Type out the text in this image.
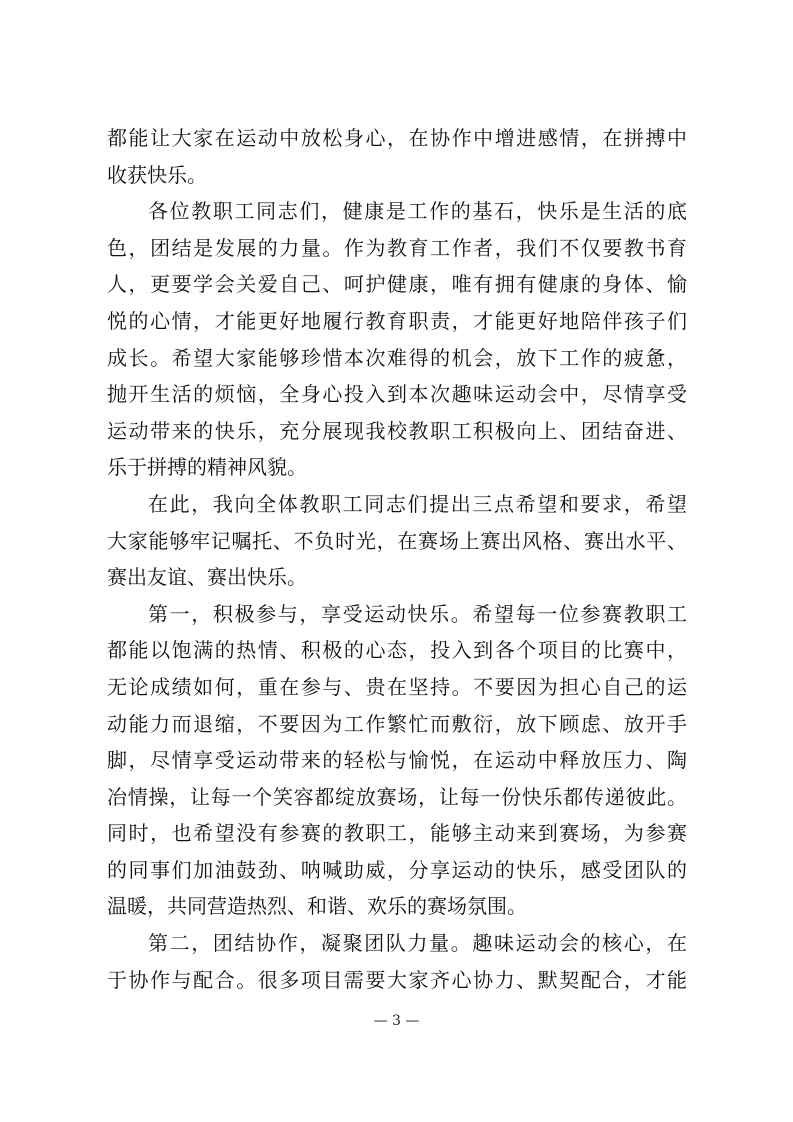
都能让大家在运动中放松身心，在协作中增进感情，在拼搏中
收获快乐。
各位教职工同志们，健康是工作的基石，快乐是生活的底
色，团结是发展的力量。作为教育工作者，我们不仅要教书育
人，更要学会关爱自己、呵护健康，唯有拥有健康的身体、愉
悦的心情，才能更好地履行教育职责，才能更好地陪伴孩子们
成长。希望大家能够珍惜本次难得的机会，放下工作的疲惫，
抛开生活的烦恼，全身心投入到本次趣味运动会中，尽情享受
运动带来的快乐，充分展现我校教职工积极向上、团结奋进、
乐于拼搏的精神风貌。
在此，我向全体教职工同志们提出三点希望和要求，希望
大家能够牢记嘱托、不负时光，在赛场上赛出风格、赛出水平、
赛出友谊、赛出快乐。
第一，积极参与，享受运动快乐。希望每一位参赛教职工
都能以饱满的热情、积极的心态，投入到各个项目的比赛中，
无论成绩如何，重在参与、贵在坚持。不要因为担心自己的运
动能力而退缩，不要因为工作繁忙而敷衍，放下顾虑、放开手
脚，尽情享受运动带来的轻松与愉悦，在运动中释放压力、陶
冶情操，让每一个笑容都绽放赛场，让每一份快乐都传递彼此。
同时，也希望没有参赛的教职工，能够主动来到赛场，为参赛
的同事们加油鼓劲、呐喊助威，分享运动的快乐，感受团队的
温暖，共同营造热烈、和谐、欢乐的赛场氛围。
第二，团结协作，凝聚团队力量。趣味运动会的核心，在
于协作与配合。很多项目需要大家齐心协力、默契配合，才能
— 3 —
